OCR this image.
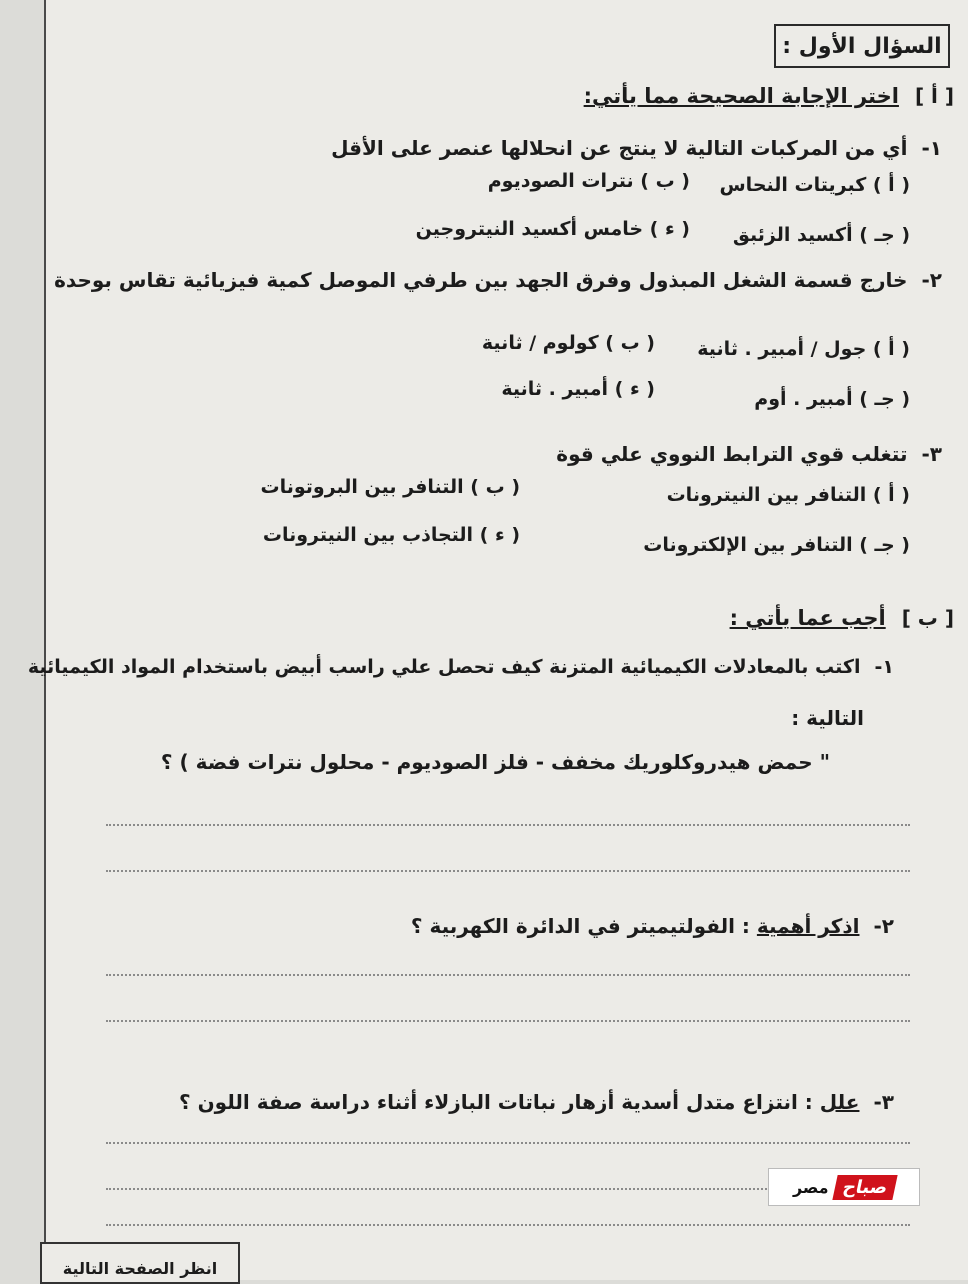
السؤال الأول :
[ أ ]
اختر الإجابة الصحيحة مما يأتي:
١-أي من المركبات التالية لا ينتج عن انحلالها عنصر على الأقل
( أ ) كبريتات النحاس
( ب ) نترات الصوديوم
( جـ ) أكسيد الزئبق
( ء ) خامس أكسيد النيتروجين
٢-خارج قسمة الشغل المبذول وفرق الجهد بين طرفي الموصل كمية فيزيائية تقاس بوحدة
( أ ) جول / أمبير . ثانية
( ب ) كولوم / ثانية
( جـ ) أمبير . أوم
( ء ) أمبير . ثانية
٣-تتغلب قوي الترابط النووي علي قوة
( أ ) التنافر بين النيترونات
( ب ) التنافر بين البروتونات
( جـ ) التنافر بين الإلكترونات
( ء ) التجاذب بين النيترونات
[ ب ]
أجب عما يأتي :
١-اكتب بالمعادلات الكيميائية المتزنة كيف تحصل علي راسب أبيض باستخدام المواد الكيميائية
التالية :
" حمض هيدروكلوريك مخفف - فلز الصوديوم - محلول نترات فضة ) ؟
٢-اذكر أهمية : الفولتيميتر في الدائرة الكهربية ؟
٣-علل : انتزاع متدل أسدية أزهار نباتات البازلاء أثناء دراسة صفة اللون ؟
صباح
مصر
انظر الصفحة التالية
